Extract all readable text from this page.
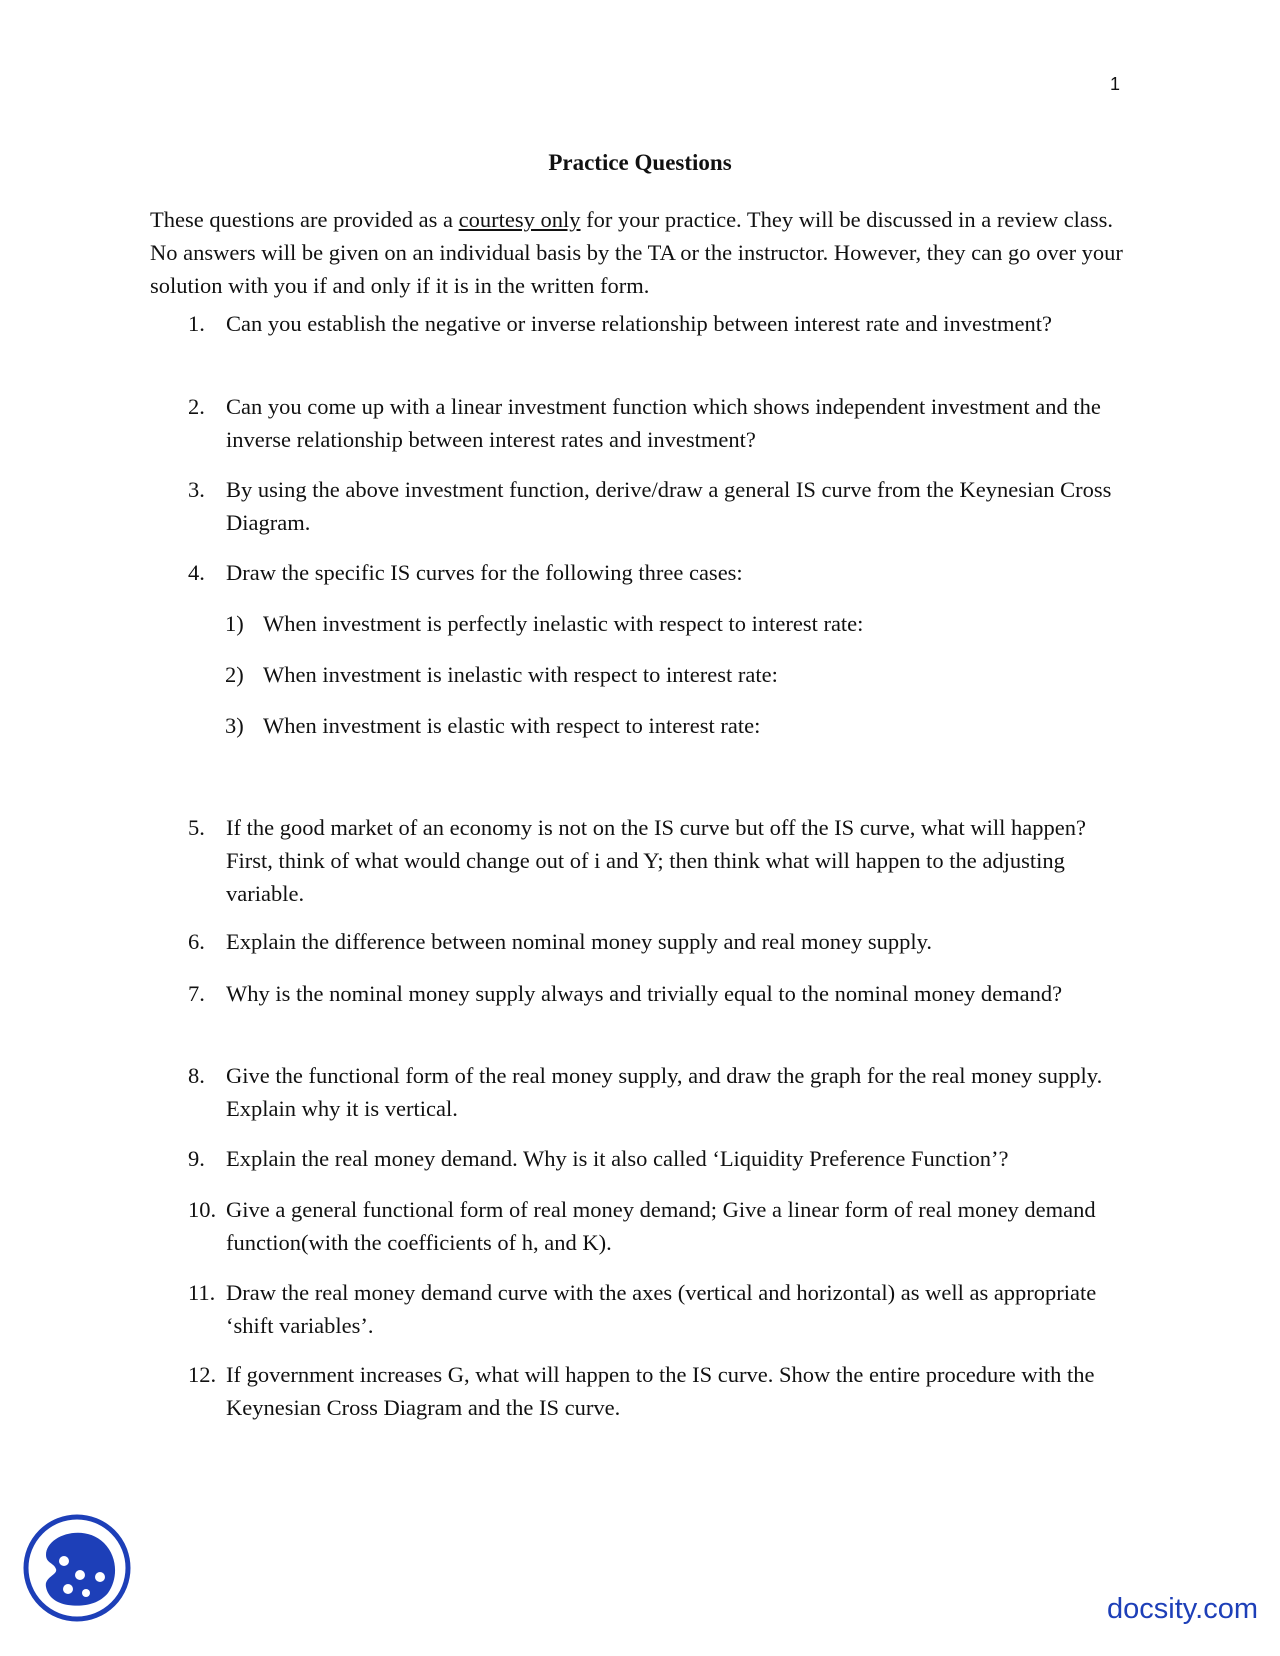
1
Practice Questions
These questions are provided as a courtesy only for your practice. They will be discussed in a review class. No answers will be given on an individual basis by the TA or the instructor. However, they can go over your solution with you if and only if it is in the written form.
1. Can you establish the negative or inverse relationship between interest rate and investment?
2. Can you come up with a linear investment function which shows independent investment and the inverse relationship between interest rates and investment?
3. By using the above investment function, derive/draw a general IS curve from the Keynesian Cross Diagram.
4. Draw the specific IS curves for the following three cases:
1) When investment is perfectly inelastic with respect to interest rate:
2) When investment is inelastic with respect to interest rate:
3) When investment is elastic with respect to interest rate:
5. If the good market of an economy is not on the IS curve but off the IS curve, what will happen? First, think of what would change out of i and Y; then think what will happen to the adjusting variable.
6. Explain the difference between nominal money supply and real money supply.
7. Why is the nominal money supply always and trivially equal to the nominal money demand?
8. Give the functional form of the real money supply, and draw the graph for the real money supply. Explain why it is vertical.
9. Explain the real money demand. Why is it also called ‘Liquidity Preference Function’?
10. Give a general functional form of real money demand; Give a linear form of real money demand function(with the coefficients of h, and K).
11. Draw the real money demand curve with the axes (vertical and horizontal) as well as appropriate ‘shift variables’.
12. If government increases G, what will happen to the IS curve. Show the entire procedure with the Keynesian Cross Diagram and the IS curve.
docsity.com
